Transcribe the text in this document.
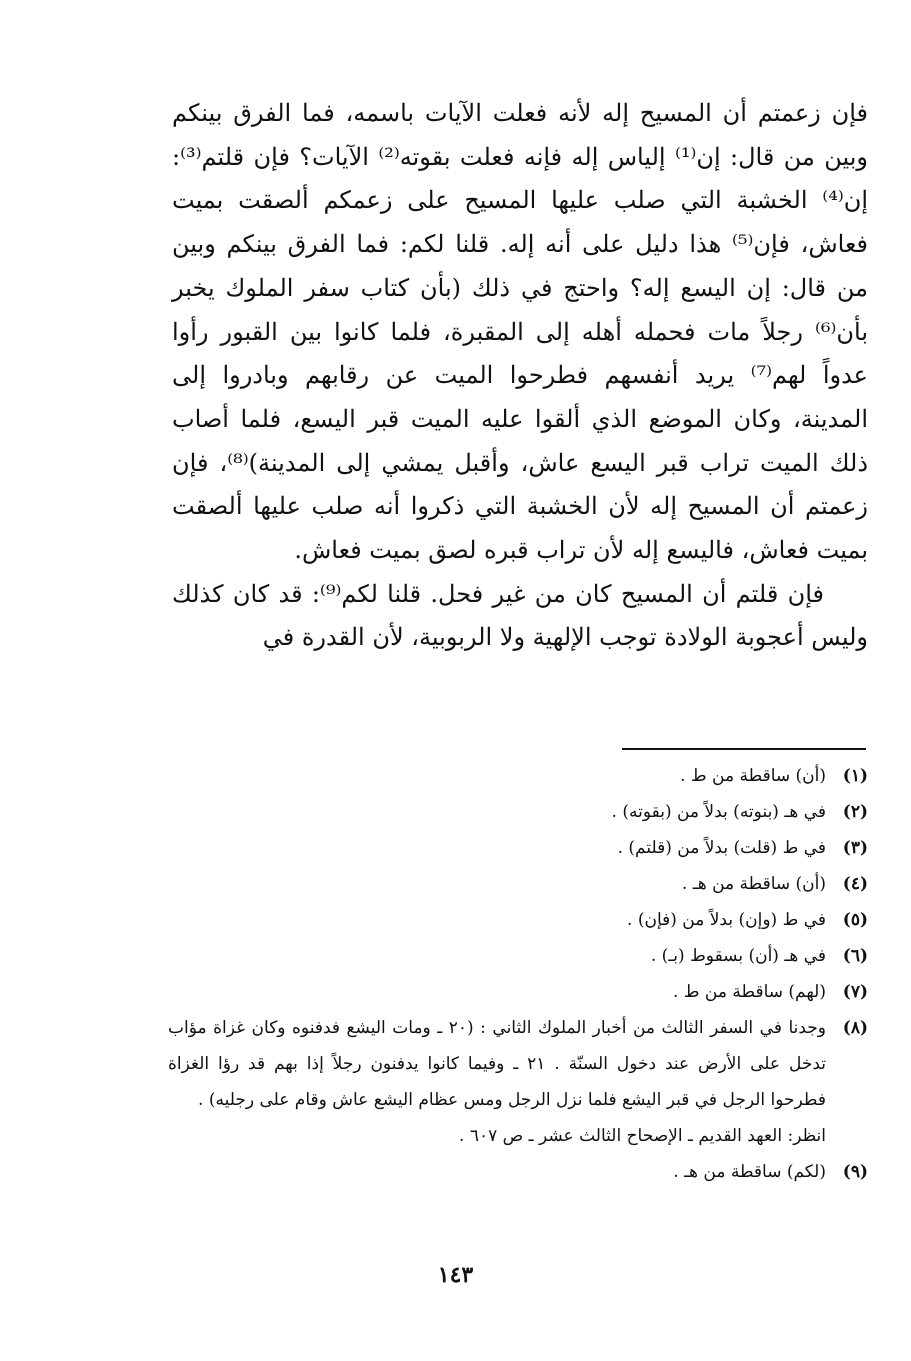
فإن زعمتم أن المسيح إله لأنه فعلت الآيات باسمه، فما الفرق بينكم وبين من قال: إن⁽¹⁾ إلياس إله فإنه فعلت بقوته⁽²⁾ الآيات؟ فإن قلتم⁽³⁾: إن⁽⁴⁾ الخشبة التي صلب عليها المسيح على زعمكم ألصقت بميت فعاش، فإن⁽⁵⁾ هذا دليل على أنه إله. قلنا لكم: فما الفرق بينكم وبين من قال: إن اليسع إله؟ واحتج في ذلك (بأن كتاب سفر الملوك يخبر بأن⁽⁶⁾ رجلاً مات فحمله أهله إلى المقبرة، فلما كانوا بين القبور رأوا عدواً لهم⁽⁷⁾ يريد أنفسهم فطرحوا الميت عن رقابهم وبادروا إلى المدينة، وكان الموضع الذي ألقوا عليه الميت قبر اليسع، فلما أصاب ذلك الميت تراب قبر اليسع عاش، وأقبل يمشي إلى المدينة)⁽⁸⁾، فإن زعمتم أن المسيح إله لأن الخشبة التي ذكروا أنه صلب عليها ألصقت بميت فعاش، فاليسع إله لأن تراب قبره لصق بميت فعاش.

فإن قلتم أن المسيح كان من غير فحل. قلنا لكم⁽⁹⁾: قد كان كذلك وليس أعجوبة الولادة توجب الإلهية ولا الربوبية، لأن القدرة في

(١)
(أن) ساقطة من ط .
(٢)
في هـ (بنوته) بدلاً من (بقوته) .
(٣)
في ط (قلت) بدلاً من (قلتم) .
(٤)
(أن) ساقطة من هـ .
(٥)
في ط (وإن) بدلاً من (فإن) .
(٦)
في هـ (أن) بسقوط (بـ) .
(٧)
(لهم) ساقطة من ط .
(٨)
وجدنا في السفر الثالث من أخبار الملوك الثاني : (٢٠ ـ ومات اليشع فدفنوه وكان غزاة مؤاب تدخل على الأرض عند دخول السنّة . ٢١ ـ وفيما كانوا يدفنون رجلاً إذا بهم قد رؤا الغزاة فطرحوا الرجل في قبر اليشع فلما نزل الرجل ومس عظام اليشع عاش وقام على رجليه) .
انظر: العهد القديم ـ الإصحاح الثالث عشر ـ ص ٦٠٧ .
(٩)
(لكم) ساقطة من هـ .
١٤٣
